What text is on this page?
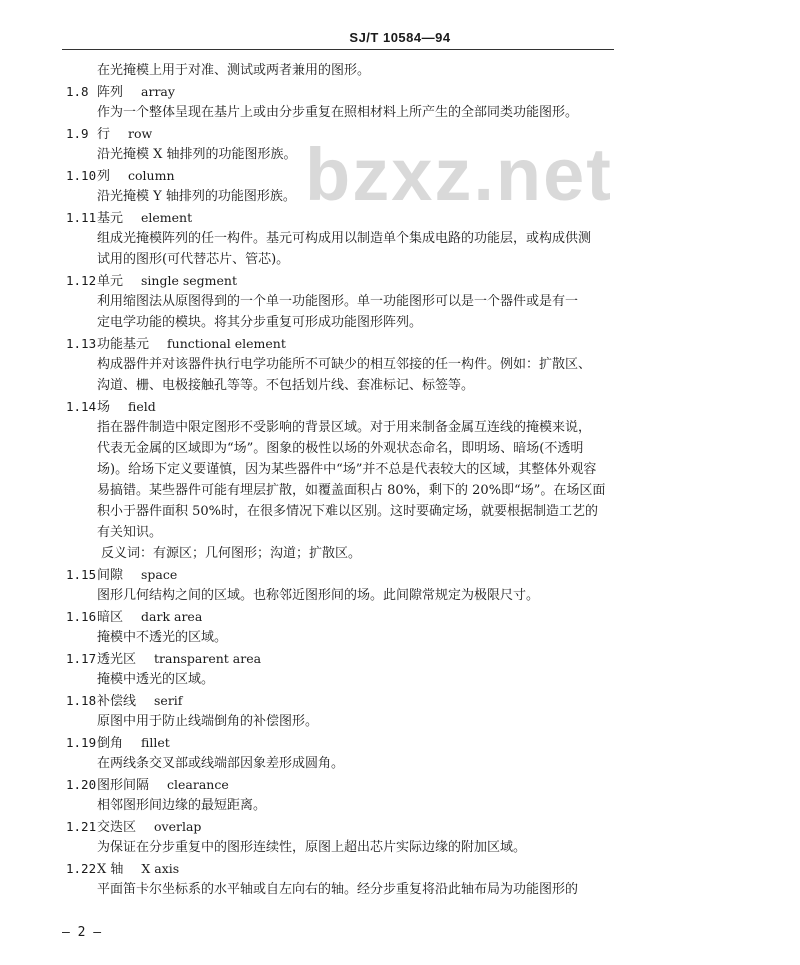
SJ/T 10584—94
bzxz.net
在光掩模上用于对准、测试或两者兼用的图形。
1.8 阵列 array
作为一个整体呈现在基片上或由分步重复在照相材料上所产生的全部同类功能图形。
1.9 行 row
沿光掩模 X 轴排列的功能图形族。
1.10 列 column
沿光掩模 Y 轴排列的功能图形族。
1.11 基元 element
组成光掩模阵列的任一构件。基元可构成用以制造单个集成电路的功能层，或构成供测
试用的图形(可代替芯片、管芯)。
1.12 单元 single segment
利用缩图法从原图得到的一个单一功能图形。单一功能图形可以是一个器件或是有一
定电学功能的模块。将其分步重复可形成功能图形阵列。
1.13 功能基元 functional element
构成器件并对该器件执行电学功能所不可缺少的相互邻接的任一构件。例如：扩散区、
沟道、栅、电极接触孔等等。不包括划片线、套准标记、标签等。
1.14 场 field
指在器件制造中限定图形不受影响的背景区域。对于用来制备金属互连线的掩模来说，
代表无金属的区域即为“场”。图象的极性以场的外观状态命名，即明场、暗场(不透明
场)。给场下定义要谨慎，因为某些器件中“场”并不总是代表较大的区域，其整体外观容
易搞错。某些器件可能有埋层扩散，如覆盖面积占 80%，剩下的 20%即“场”。在场区面
积小于器件面积 50%时，在很多情况下难以区别。这时要确定场，就要根据制造工艺的
有关知识。
反义词：有源区；几何图形；沟道；扩散区。
1.15 间隙 space
图形几何结构之间的区域。也称邻近图形间的场。此间隙常规定为极限尺寸。
1.16 暗区 dark area
掩模中不透光的区域。
1.17 透光区 transparent area
掩模中透光的区域。
1.18 补偿线 serif
原图中用于防止线端倒角的补偿图形。
1.19 倒角 fillet
在两线条交叉部或线端部因象差形成圆角。
1.20 图形间隔 clearance
相邻图形间边缘的最短距离。
1.21 交迭区 overlap
为保证在分步重复中的图形连续性，原图上超出芯片实际边缘的附加区域。
1.22 X 轴 X axis
平面笛卡尔坐标系的水平轴或自左向右的轴。经分步重复将沿此轴布局为功能图形的
— 2 —
